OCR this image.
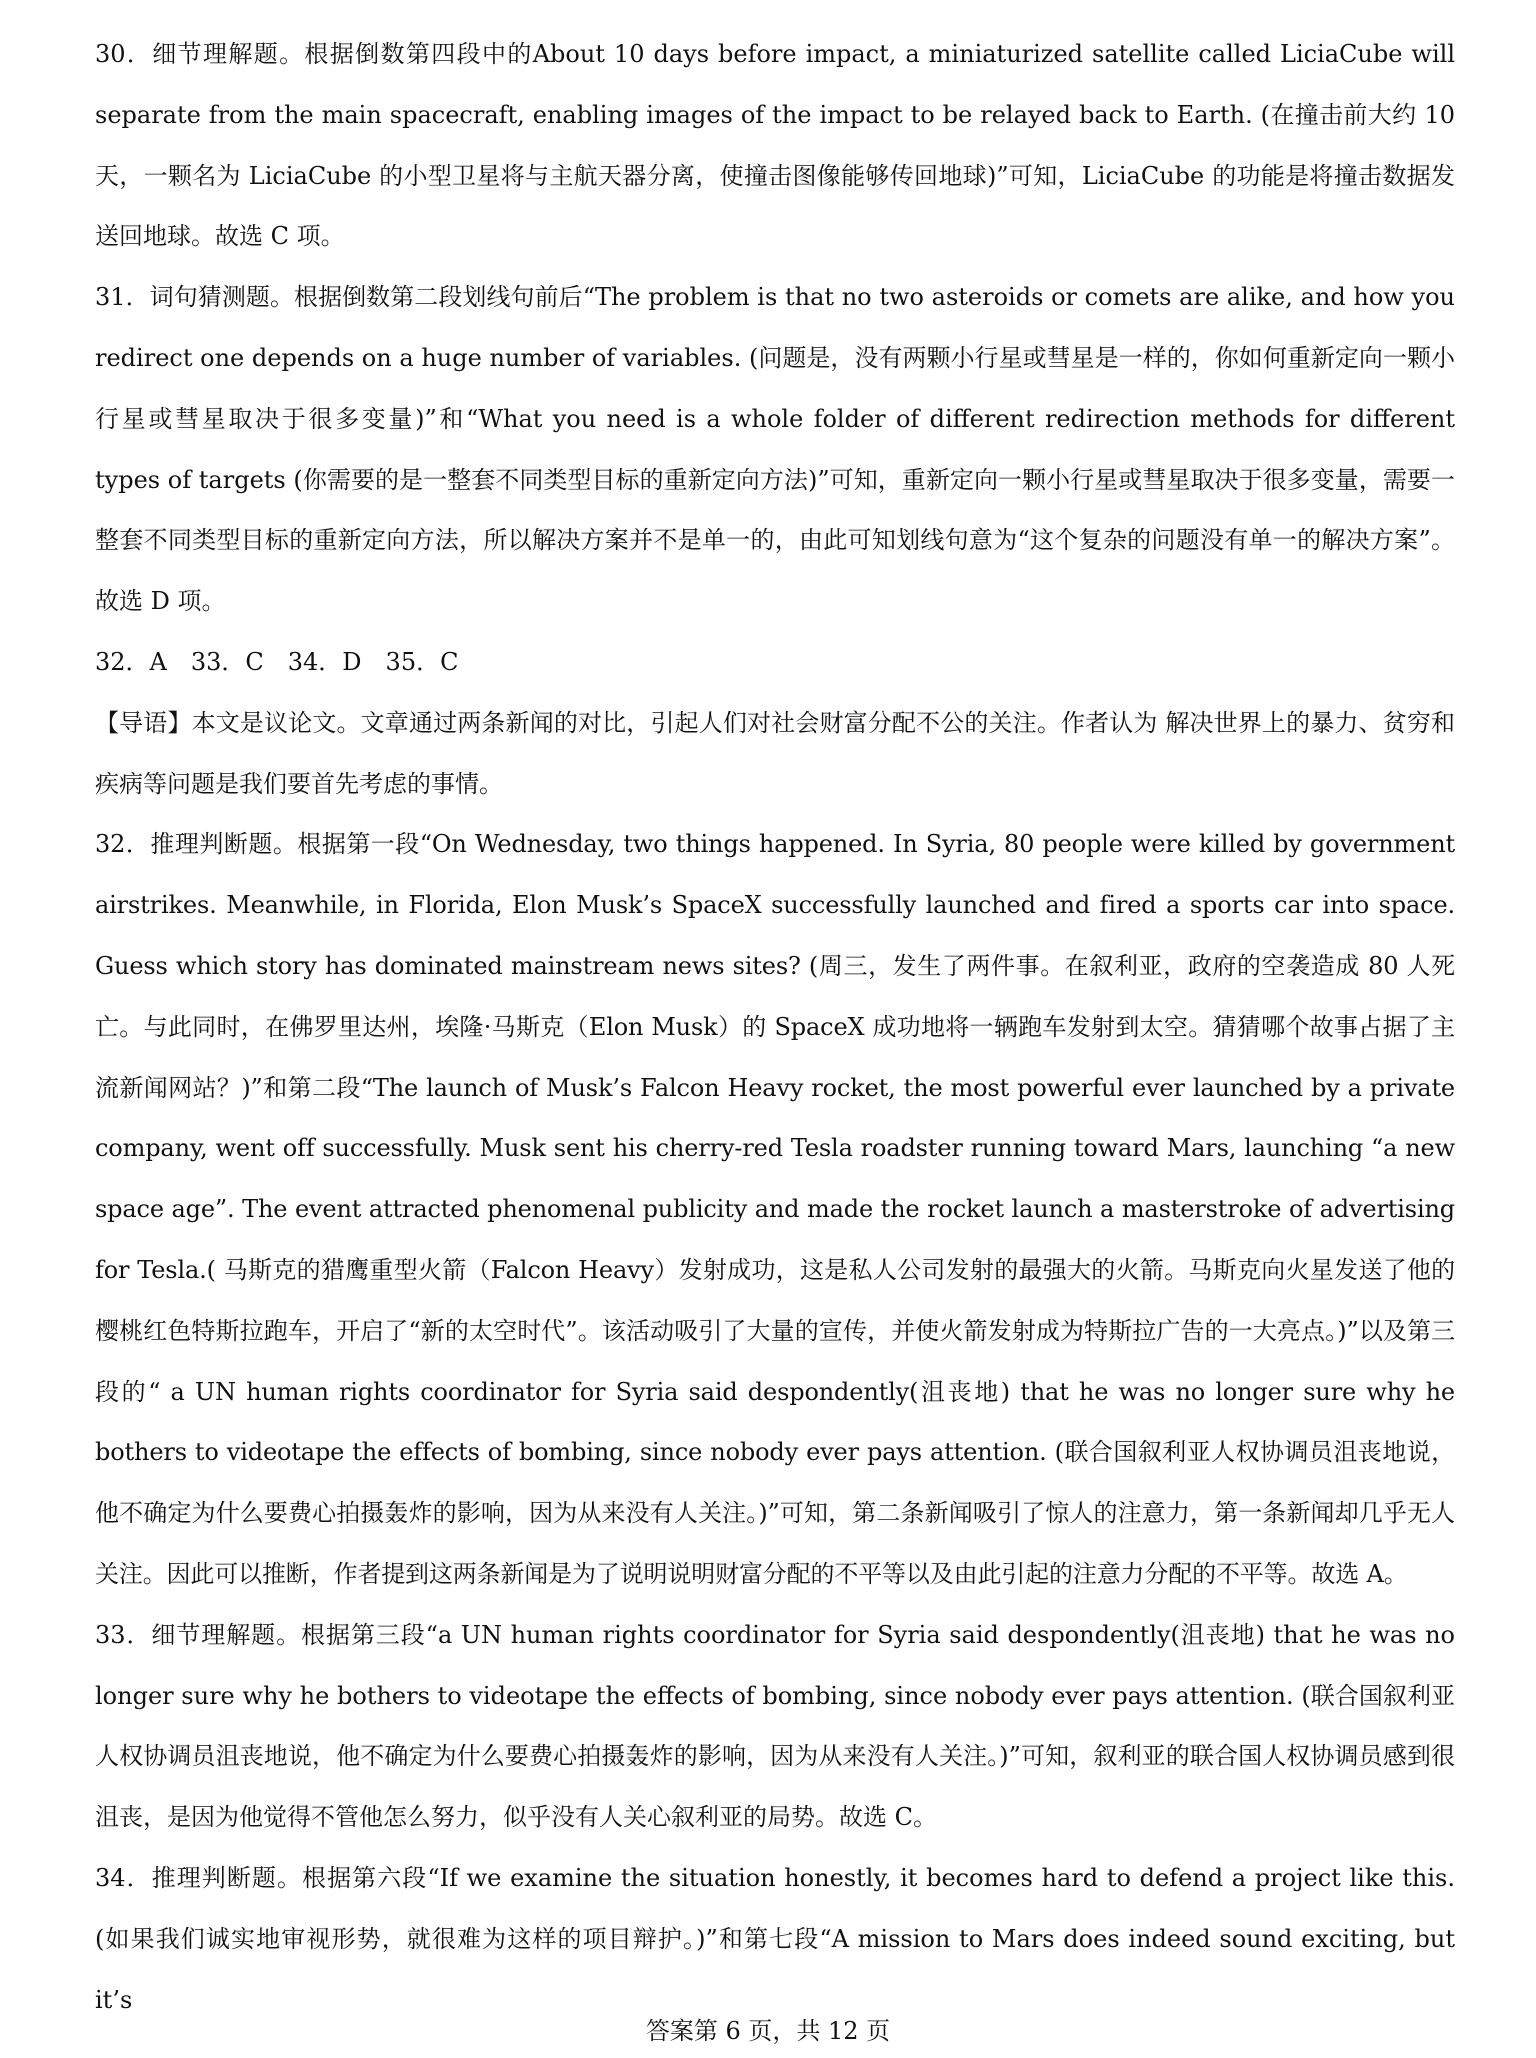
30．细节理解题。根据倒数第四段中的About 10 days before impact, a miniaturized satellite called LiciaCube will separate from the main spacecraft, enabling images of the impact to be relayed back to Earth. (在撞击前大约 10 天，一颗名为 LiciaCube 的小型卫星将与主航天器分离，使撞击图像能够传回地球)”可知，LiciaCube 的功能是将撞击数据发送回地球。故选 C 项。

31．词句猜测题。根据倒数第二段划线句前后“The problem is that no two asteroids or comets are alike, and how you redirect one depends on a huge number of variables. (问题是，没有两颗小行星或彗星是一样的，你如何重新定向一颗小行星或彗星取决于很多变量)”和“What you need is a whole folder of different redirection methods for different types of targets (你需要的是一整套不同类型目标的重新定向方法)”可知，重新定向一颗小行星或彗星取决于很多变量，需要一整套不同类型目标的重新定向方法，所以解决方案并不是单一的，由此可知划线句意为“这个复杂的问题没有单一的解决方案”。故选 D 项。

32．A　33．C　34．D　35．C

【导语】本文是议论文。文章通过两条新闻的对比，引起人们对社会财富分配不公的关注。作者认为 解决世界上的暴力、贫穷和疾病等问题是我们要首先考虑的事情。

32．推理判断题。根据第一段“On Wednesday, two things happened. In Syria, 80 people were killed by government airstrikes. Meanwhile, in Florida, Elon Musk’s SpaceX successfully launched and fired a sports car into space. Guess which story has dominated mainstream news sites? (周三，发生了两件事。在叙利亚，政府的空袭造成 80 人死亡。与此同时，在佛罗里达州，埃隆·马斯克（Elon Musk）的 SpaceX 成功地将一辆跑车发射到太空。猜猜哪个故事占据了主流新闻网站？)”和第二段“The launch of Musk’s Falcon Heavy rocket, the most powerful ever launched by a private company, went off successfully. Musk sent his cherry-red Tesla roadster running toward Mars, launching “a new space age”. The event attracted phenomenal publicity and made the rocket launch a masterstroke of advertising for Tesla.( 马斯克的猎鹰重型火箭（Falcon Heavy）发射成功，这是私人公司发射的最强大的火箭。马斯克向火星发送了他的樱桃红色特斯拉跑车，开启了“新的太空时代”。该活动吸引了大量的宣传，并使火箭发射成为特斯拉广告的一大亮点。)”以及第三段的“ a UN human rights coordinator for Syria said despondently(沮丧地) that he was no longer sure why he bothers to videotape the effects of bombing, since nobody ever pays attention. (联合国叙利亚人权协调员沮丧地说，他不确定为什么要费心拍摄轰炸的影响，因为从来没有人关注。)”可知，第二条新闻吸引了惊人的注意力，第一条新闻却几乎无人关注。因此可以推断，作者提到这两条新闻是为了说明说明财富分配的不平等以及由此引起的注意力分配的不平等。故选 A。

33．细节理解题。根据第三段“a UN human rights coordinator for Syria said despondently(沮丧地) that he was no longer sure why he bothers to videotape the effects of bombing, since nobody ever pays attention. (联合国叙利亚人权协调员沮丧地说，他不确定为什么要费心拍摄轰炸的影响，因为从来没有人关注。)”可知，叙利亚的联合国人权协调员感到很沮丧，是因为他觉得不管他怎么努力，似乎没有人关心叙利亚的局势。故选 C。

34．推理判断题。根据第六段“If we examine the situation honestly, it becomes hard to defend a project like this.(如果我们诚实地审视形势，就很难为这样的项目辩护。)”和第七段“A mission to Mars does indeed sound exciting, but it’s

答案第 6 页，共 12 页
